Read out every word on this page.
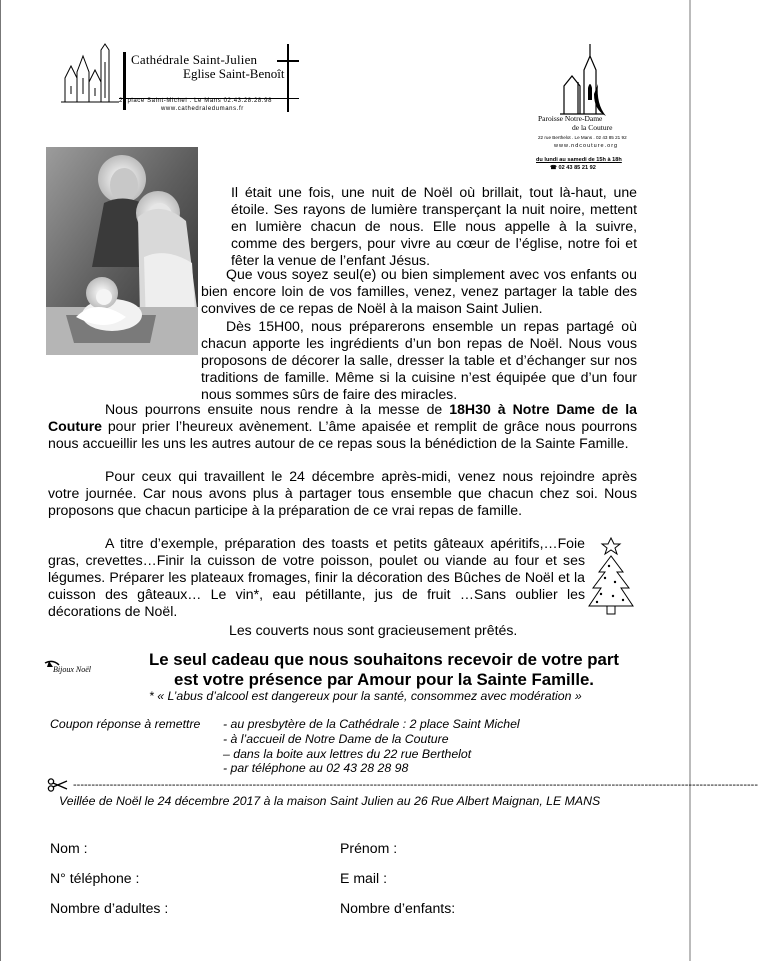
Cathédrale Saint-Julien
Eglise Saint-Benoît
2, place Saint-Michel . Le Mans 02.43.28.28.98
www.cathedraledumans.fr
Paroisse Notre-Dame
de la Couture
22 rue Berthelot . Le Mans . 02 43 85 21 92
www.ndcouture.org
du lundi au samedi de 15h à 18h
☎ 02 43 85 21 92
Il était une fois, une nuit de Noël où brillait, tout là-haut, une étoile. Ses rayons de lumière transperçant la nuit noire, mettent en lumière chacun de nous. Elle nous appelle à la suivre, comme des bergers, pour vivre au cœur de l’église, notre foi et fêter la venue de l’enfant Jésus.
Que vous soyez seul(e) ou bien simplement avec vos enfants ou bien encore loin de vos familles, venez, venez partager la table des convives de ce repas de Noël à la maison Saint Julien.
Dès 15H00, nous préparerons ensemble un repas partagé où chacun apporte les ingrédients d’un bon repas de Noël. Nous vous proposons de décorer la salle, dresser la table et d’échanger sur nos traditions de famille. Même si la cuisine n’est équipée que d’un four nous sommes sûrs de faire des miracles.
Nous pourrons ensuite nous rendre à la messe de 18H30 à Notre Dame de la Couture pour prier l’heureux avènement. L’âme apaisée et remplit de grâce nous pourrons nous accueillir les uns les autres autour de ce repas sous la bénédiction de la Sainte Famille.
Pour ceux qui travaillent le 24 décembre après-midi, venez nous rejoindre après votre journée. Car nous avons plus à partager tous ensemble que chacun chez soi. Nous proposons que chacun participe à la préparation de ce vrai repas de famille.
A titre d’exemple, préparation des toasts et petits gâteaux apéritifs,…Foie gras, crevettes…Finir la cuisson de votre poisson, poulet ou viande au four et ses légumes. Préparer les plateaux fromages, finir la décoration des Bûches de Noël et la cuisson des gâteaux… Le vin*, eau pétillante, jus de fruit …Sans oublier les décorations de Noël.
Les couverts nous sont gracieusement prêtés.
Bijoux Noël
Le seul cadeau que nous souhaitons recevoir de votre part
est votre présence par Amour pour la Sainte Famille.
* « L’abus d’alcool est dangereux pour la santé, consommez avec modération »
Coupon réponse à remettre - au presbytère de la Cathédrale : 2 place Saint Michel
- à l’accueil de Notre Dame de la Couture
– dans la boite aux lettres du 22 rue Berthelot
- par téléphone au 02 43 28 28 98
-------------------------------------------------------------------------------------------------------------------------------------------------------------------------------------------
Veillée de Noël le 24 décembre 2017 à la maison Saint Julien au 26 Rue Albert Maignan, LE MANS
Nom :	Prénom :
N° téléphone :	E mail :
Nombre d’adultes :	Nombre d’enfants:
